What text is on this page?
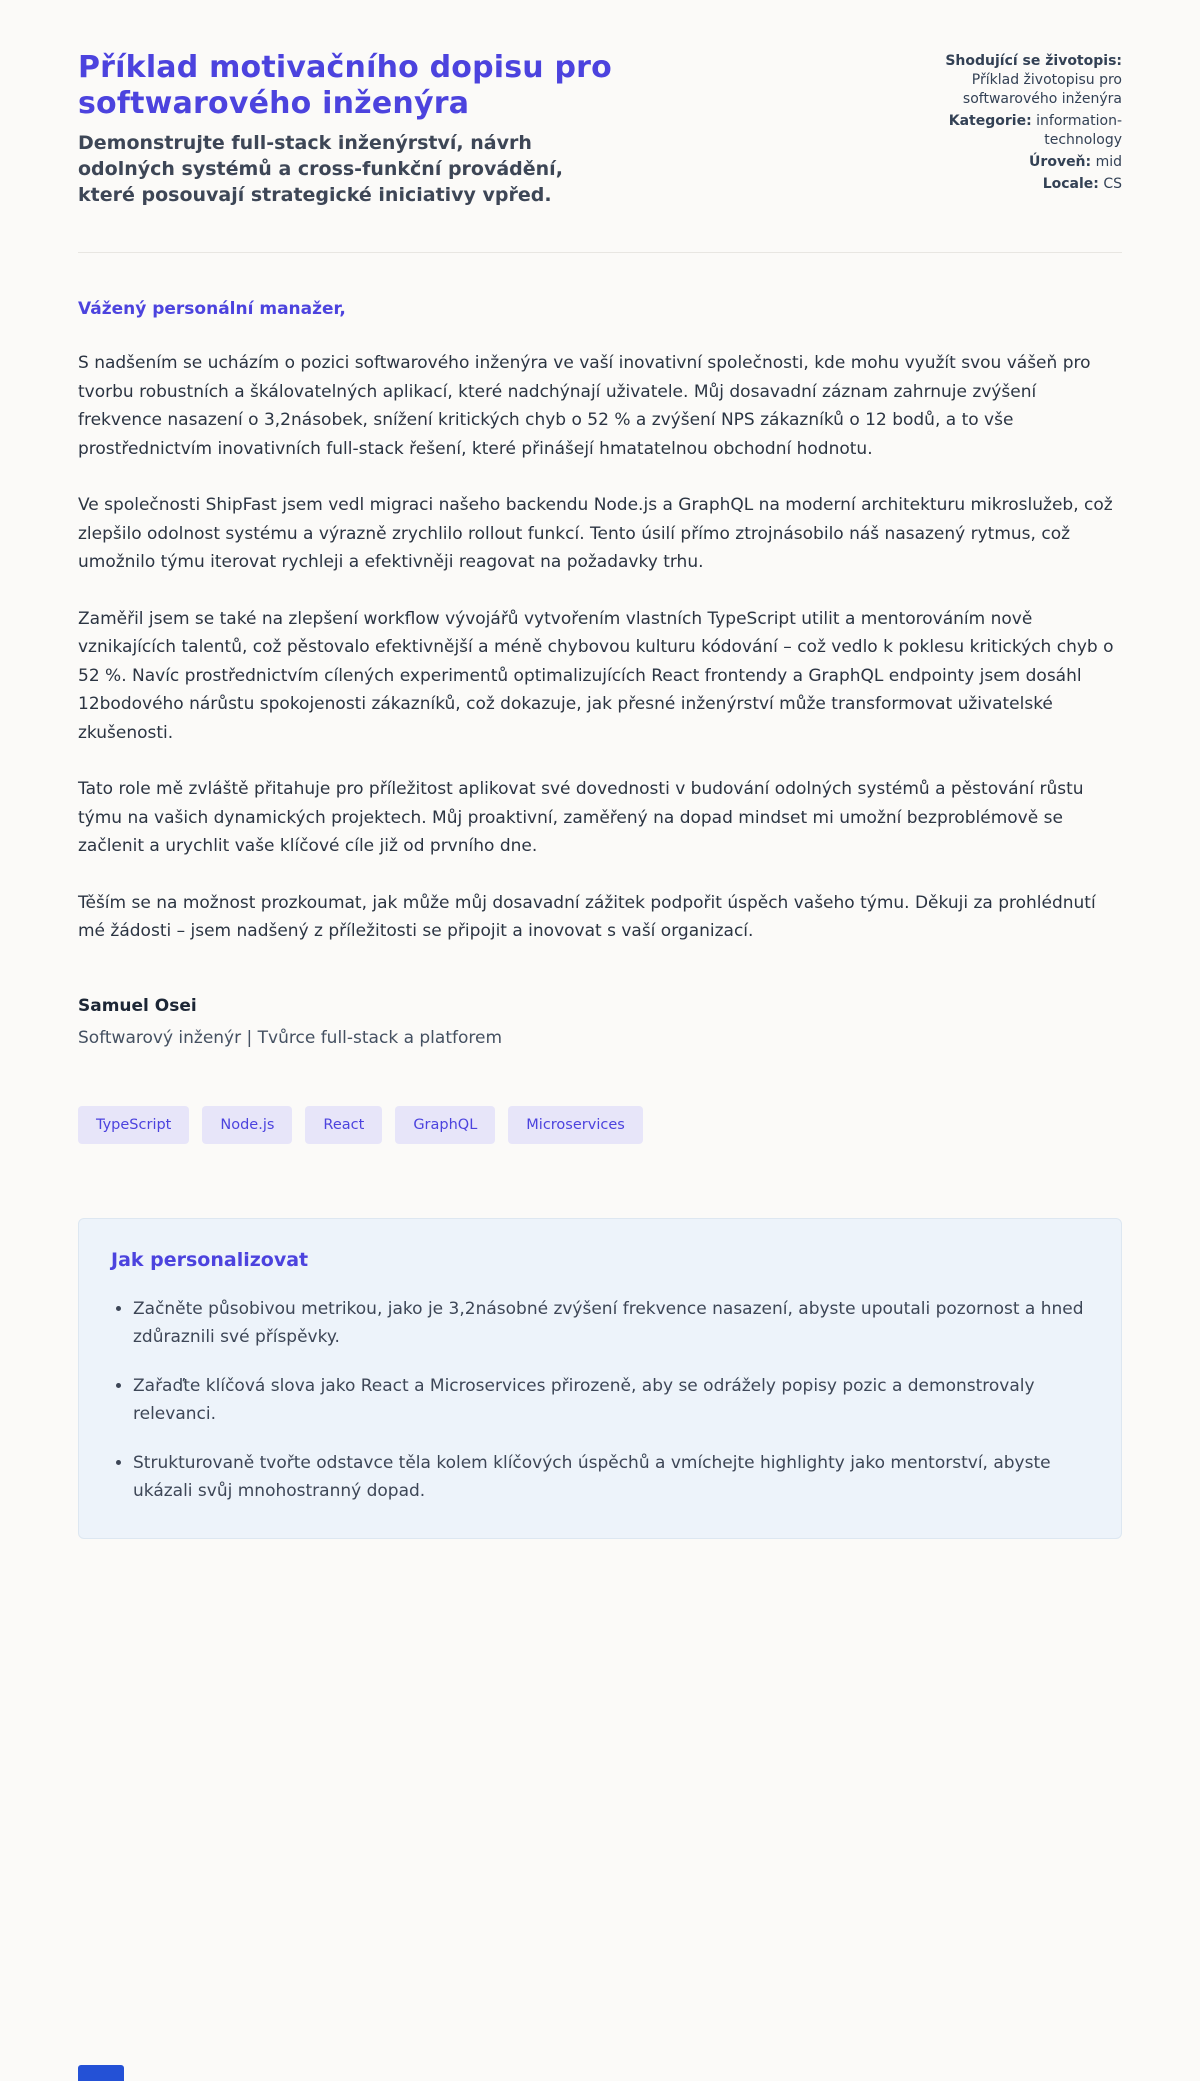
Příklad motivačního dopisu pro softwarového inženýra

Demonstrujte full-stack inženýrství, návrh odolných systémů a cross-funkční provádění, které posouvají strategické iniciativy vpřed.

Shodující se životopis: Příklad životopisu pro softwarového inženýra
Kategorie: information-technology
Úroveň: mid
Locale: CS

Vážený personální manažer,

S nadšením se ucházím o pozici softwarového inženýra ve vaší inovativní společnosti, kde mohu využít svou vášeň pro tvorbu robustních a škálovatelných aplikací, které nadchýnají uživatele. Můj dosavadní záznam zahrnuje zvýšení frekvence nasazení o 3,2násobek, snížení kritických chyb o 52 % a zvýšení NPS zákazníků o 12 bodů, a to vše prostřednictvím inovativních full-stack řešení, které přinášejí hmatatelnou obchodní hodnotu.

Ve společnosti ShipFast jsem vedl migraci našeho backendu Node.js a GraphQL na moderní architekturu mikroslužeb, což zlepšilo odolnost systému a výrazně zrychlilo rollout funkcí. Tento úsilí přímo ztrojnásobilo náš nasazený rytmus, což umožnilo týmu iterovat rychleji a efektivněji reagovat na požadavky trhu.

Zaměřil jsem se také na zlepšení workflow vývojářů vytvořením vlastních TypeScript utilit a mentorováním nově vznikajících talentů, což pěstovalo efektivnější a méně chybovou kulturu kódování – což vedlo k poklesu kritických chyb o 52 %. Navíc prostřednictvím cílených experimentů optimalizujících React frontendy a GraphQL endpointy jsem dosáhl 12bodového nárůstu spokojenosti zákazníků, což dokazuje, jak přesné inženýrství může transformovat uživatelské zkušenosti.

Tato role mě zvláště přitahuje pro příležitost aplikovat své dovednosti v budování odolných systémů a pěstování růstu týmu na vašich dynamických projektech. Můj proaktivní, zaměřený na dopad mindset mi umožní bezproblémově se začlenit a urychlit vaše klíčové cíle již od prvního dne.

Těším se na možnost prozkoumat, jak může můj dosavadní zážitek podpořit úspěch vašeho týmu. Děkuji za prohlédnutí mé žádosti – jsem nadšený z příležitosti se připojit a inovovat s vaší organizací.

Samuel Osei

Softwarový inženýr | Tvůrce full-stack a platforem

TypeScript	Node.js	React	GraphQL	Microservices
Jak personalizovat
• Začněte působivou metrikou, jako je 3,2násobné zvýšení frekvence nasazení, abyste upoutali pozornost a hned zdůraznili své příspěvky.
• Zařaďte klíčová slova jako React a Microservices přirozeně, aby se odrážely popisy pozic a demonstrovaly relevanci.
• Strukturovaně tvořte odstavce těla kolem klíčových úspěchů a vmíchejte highlighty jako mentorství, abyste ukázali svůj mnohostranný dopad.
